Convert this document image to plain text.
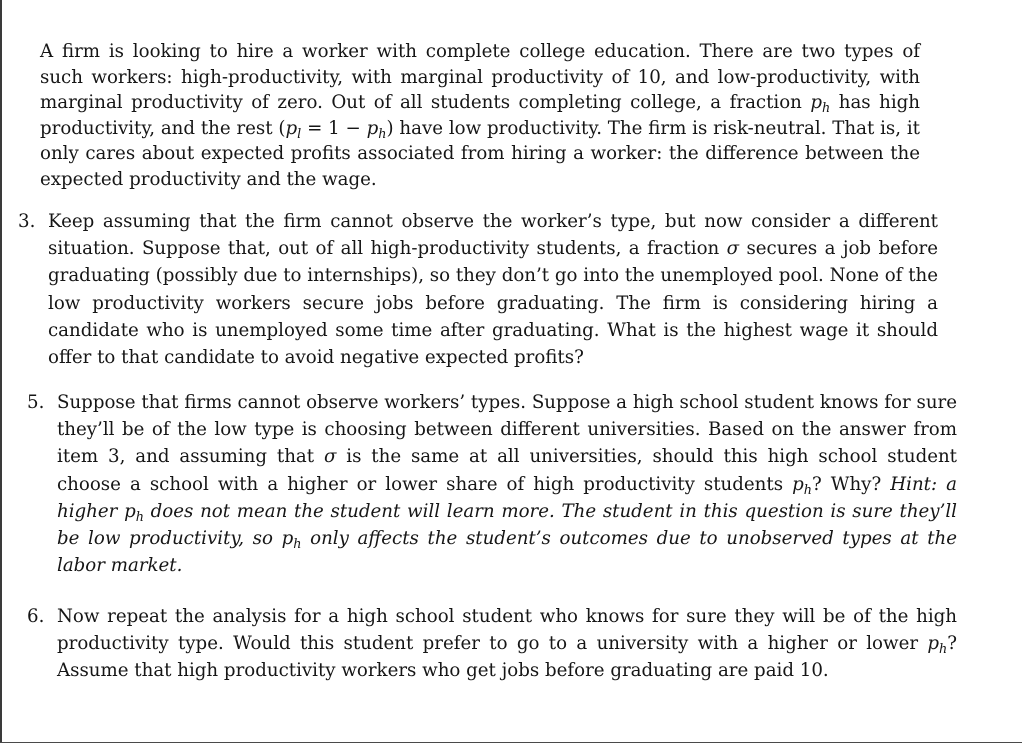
A firm is looking to hire a worker with complete college education. There are two types of such workers: high-productivity, with marginal productivity of 10, and low-productivity, with marginal productivity of zero. Out of all students completing college, a fraction $p_h$ has high productivity, and the rest $(p_l = 1 - p_h)$ have low productivity. The firm is risk-neutral. That is, it only cares about expected profits associated from hiring a worker: the difference between the expected productivity and the wage.
3. Keep assuming that the firm cannot observe the worker’s type, but now consider a different situation. Suppose that, out of all high-productivity students, a fraction σ secures a job before graduating (possibly due to internships), so they don’t go into the unemployed pool. None of the low productivity workers secure jobs before graduating. The firm is considering hiring a candidate who is unemployed some time after graduating. What is the highest wage it should offer to that candidate to avoid negative expected profits?
5. Suppose that firms cannot observe workers’ types. Suppose a high school student knows for sure they’ll be of the low type is choosing between different universities. Based on the answer from item 3, and assuming that σ is the same at all universities, should this high school student choose a school with a higher or lower share of high productivity students $p_h$? Why? Hint: a higher $p_h$ does not mean the student will learn more. The student in this question is sure they’ll be low productivity, so $p_h$ only affects the student’s outcomes due to unobserved types at the labor market.
6. Now repeat the analysis for a high school student who knows for sure they will be of the high productivity type. Would this student prefer to go to a university with a higher or lower $p_h$? Assume that high productivity workers who get jobs before graduating are paid 10.
